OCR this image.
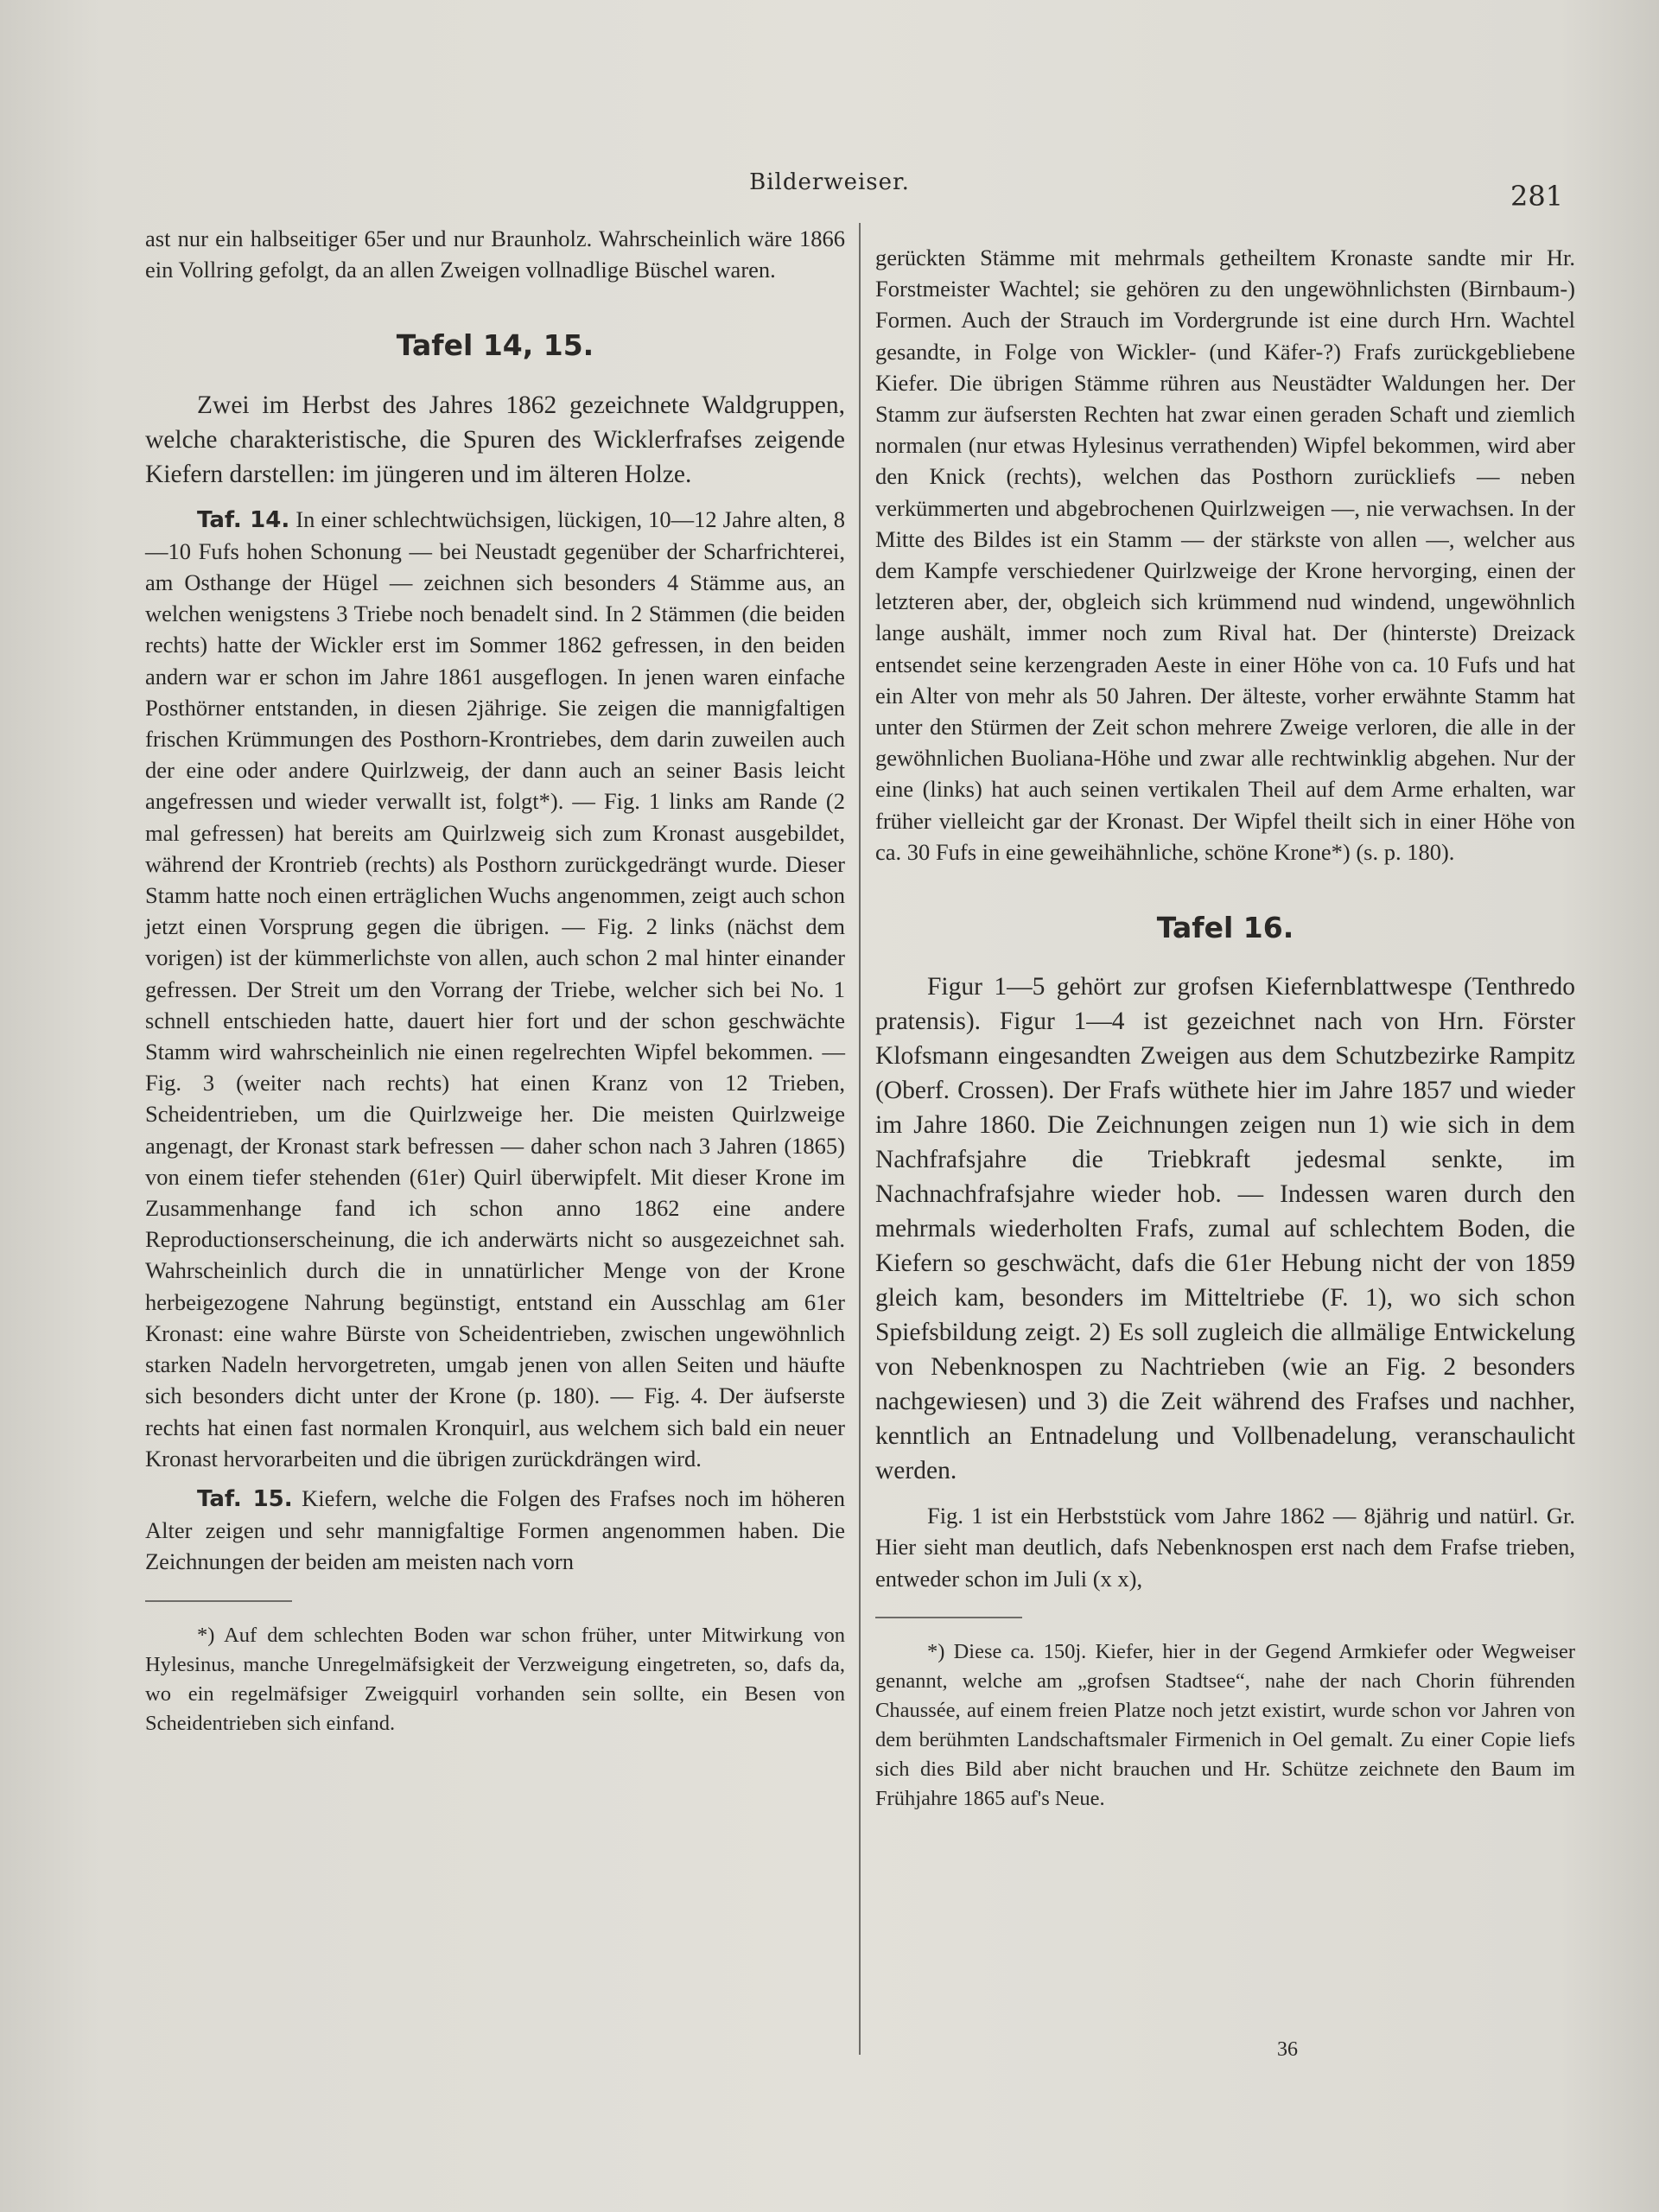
Bilderweiser.	281

ast nur ein halbseitiger 65er und nur Braunholz. Wahrscheinlich wäre 1866 ein Vollring gefolgt, da an allen Zweigen vollnadlige Büschel waren.

Tafel 14, 15.

Zwei im Herbst des Jahres 1862 gezeichnete Waldgruppen, welche charakteristische, die Spuren des Wicklerfrafses zeigende Kiefern darstellen: im jüngeren und im älteren Holze.

Taf. 14. In einer schlechtwüchsigen, lückigen, 10—12 Jahre alten, 8—10 Fufs hohen Schonung — bei Neustadt gegenüber der Scharfrichterei, am Osthange der Hügel — zeichnen sich besonders 4 Stämme aus, an welchen wenigstens 3 Triebe noch benadelt sind. In 2 Stämmen (die beiden rechts) hatte der Wickler erst im Sommer 1862 gefressen, in den beiden andern war er schon im Jahre 1861 ausgeflogen. In jenen waren einfache Posthörner entstanden, in diesen 2jährige. Sie zeigen die mannigfaltigen frischen Krümmungen des Posthorn-Krontriebes, dem darin zuweilen auch der eine oder andere Quirlzweig, der dann auch an seiner Basis leicht angefressen und wieder verwallt ist, folgt*). — Fig. 1 links am Rande (2 mal gefressen) hat bereits am Quirlzweig sich zum Kronast ausgebildet, während der Krontrieb (rechts) als Posthorn zurückgedrängt wurde. Dieser Stamm hatte noch einen erträglichen Wuchs angenommen, zeigt auch schon jetzt einen Vorsprung gegen die übrigen. — Fig. 2 links (nächst dem vorigen) ist der kümmerlichste von allen, auch schon 2 mal hinter einander gefressen. Der Streit um den Vorrang der Triebe, welcher sich bei No. 1 schnell entschieden hatte, dauert hier fort und der schon geschwächte Stamm wird wahrscheinlich nie einen regelrechten Wipfel bekommen. — Fig. 3 (weiter nach rechts) hat einen Kranz von 12 Trieben, Scheidentrieben, um die Quirlzweige her. Die meisten Quirlzweige angenagt, der Kronast stark befressen — daher schon nach 3 Jahren (1865) von einem tiefer stehenden (61er) Quirl überwipfelt. Mit dieser Krone im Zusammenhange fand ich schon anno 1862 eine andere Reproductionserscheinung, die ich anderwärts nicht so ausgezeichnet sah. Wahrscheinlich durch die in unnatürlicher Menge von der Krone herbeigezogene Nahrung begünstigt, entstand ein Ausschlag am 61er Kronast: eine wahre Bürste von Scheidentrieben, zwischen ungewöhnlich starken Nadeln hervorgetreten, umgab jenen von allen Seiten und häufte sich besonders dicht unter der Krone (p. 180). — Fig. 4. Der äufserste rechts hat einen fast normalen Kronquirl, aus welchem sich bald ein neuer Kronast hervorarbeiten und die übrigen zurückdrängen wird.

Taf. 15. Kiefern, welche die Folgen des Frafses noch im höheren Alter zeigen und sehr mannigfaltige Formen angenommen haben. Die Zeichnungen der beiden am meisten nach vorn

*) Auf dem schlechten Boden war schon früher, unter Mitwirkung von Hylesinus, manche Unregelmäfsigkeit der Verzweigung eingetreten, so, dafs da, wo ein regelmäfsiger Zweigquirl vorhanden sein sollte, ein Besen von Scheidentrieben sich einfand.

gerückten Stämme mit mehrmals getheiltem Kronaste sandte mir Hr. Forstmeister Wachtel; sie gehören zu den ungewöhnlichsten (Birnbaum-) Formen. Auch der Strauch im Vordergrunde ist eine durch Hrn. Wachtel gesandte, in Folge von Wickler- (und Käfer-?) Frafs zurückgebliebene Kiefer. Die übrigen Stämme rühren aus Neustädter Waldungen her. Der Stamm zur äufsersten Rechten hat zwar einen geraden Schaft und ziemlich normalen (nur etwas Hylesinus verrathenden) Wipfel bekommen, wird aber den Knick (rechts), welchen das Posthorn zurückliefs — neben verkümmerten und abgebrochenen Quirlzweigen —, nie verwachsen. In der Mitte des Bildes ist ein Stamm — der stärkste von allen —, welcher aus dem Kampfe verschiedener Quirlzweige der Krone hervorging, einen der letzteren aber, der, obgleich sich krümmend nud windend, ungewöhnlich lange aushält, immer noch zum Rival hat. Der (hinterste) Dreizack entsendet seine kerzengraden Aeste in einer Höhe von ca. 10 Fufs und hat ein Alter von mehr als 50 Jahren. Der älteste, vorher erwähnte Stamm hat unter den Stürmen der Zeit schon mehrere Zweige verloren, die alle in der gewöhnlichen Buoliana-Höhe und zwar alle rechtwinklig abgehen. Nur der eine (links) hat auch seinen vertikalen Theil auf dem Arme erhalten, war früher vielleicht gar der Kronast. Der Wipfel theilt sich in einer Höhe von ca. 30 Fufs in eine geweihähnliche, schöne Krone*) (s. p. 180).

Tafel 16.

Figur 1—5 gehört zur grofsen Kiefernblattwespe (Tenthredo pratensis). Figur 1—4 ist gezeichnet nach von Hrn. Förster Klofsmann eingesandten Zweigen aus dem Schutzbezirke Rampitz (Oberf. Crossen). Der Frafs wüthete hier im Jahre 1857 und wieder im Jahre 1860. Die Zeichnungen zeigen nun 1) wie sich in dem Nachfrafsjahre die Triebkraft jedesmal senkte, im Nachnachfrafsjahre wieder hob. — Indessen waren durch den mehrmals wiederholten Frafs, zumal auf schlechtem Boden, die Kiefern so geschwächt, dafs die 61er Hebung nicht der von 1859 gleich kam, besonders im Mitteltriebe (F. 1), wo sich schon Spiefsbildung zeigt. 2) Es soll zugleich die allmälige Entwickelung von Nebenknospen zu Nachtrieben (wie an Fig. 2 besonders nachgewiesen) und 3) die Zeit während des Frafses und nachher, kenntlich an Entnadelung und Vollbenadelung, veranschaulicht werden.

Fig. 1 ist ein Herbststück vom Jahre 1862 — 8jährig und natürl. Gr. Hier sieht man deutlich, dafs Nebenknospen erst nach dem Frafse trieben, entweder schon im Juli (x x),

*) Diese ca. 150j. Kiefer, hier in der Gegend Armkiefer oder Wegweiser genannt, welche am „grofsen Stadtsee“, nahe der nach Chorin führenden Chaussée, auf einem freien Platze noch jetzt existirt, wurde schon vor Jahren von dem berühmten Landschaftsmaler Firmenich in Oel gemalt. Zu einer Copie liefs sich dies Bild aber nicht brauchen und Hr. Schütze zeichnete den Baum im Frühjahre 1865 auf's Neue.

36
